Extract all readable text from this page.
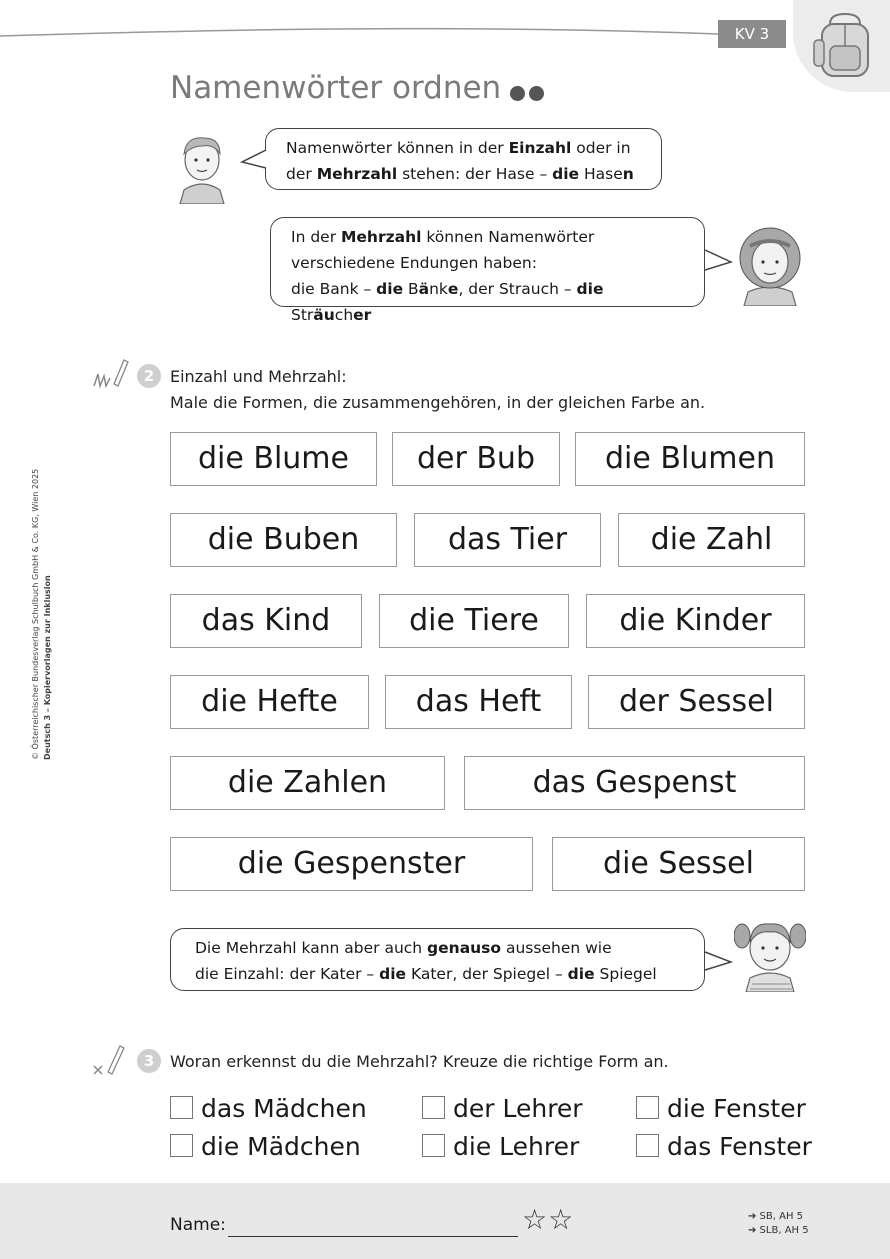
KV 3
Namenwörter ordnen
© Österreichischer Bundesverlag Schulbuch GmbH & Co. KG, Wien 2025 Deutsch 3 – Kopiervorlagen zur Inklusion
Namenwörter können in der Einzahl oder in
der Mehrzahl stehen: der Hase – die Hasen
In der Mehrzahl können Namenwörter
verschiedene Endungen haben:
die Bank – die Bänke, der Strauch – die Sträucher
2 Einzahl und Mehrzahl:
Male die Formen, die zusammengehören, in der gleichen Farbe an.
die Blume	der Bub	die Blumen
die Buben	das Tier	die Zahl
das Kind	die Tiere	die Kinder
die Hefte	das Heft	der Sessel
die Zahlen	das Gespenst
die Gespenster	die Sessel
Die Mehrzahl kann aber auch genauso aussehen wie
die Einzahl: der Kater – die Kater, der Spiegel – die Spiegel
3 Woran erkennst du die Mehrzahl? Kreuze die richtige Form an.
das Mädchen	der Lehrer	die Fenster
die Mädchen	die Lehrer	das Fenster
Name:	☆☆	➔ SB, AH 5
➔ SLB, AH 5
